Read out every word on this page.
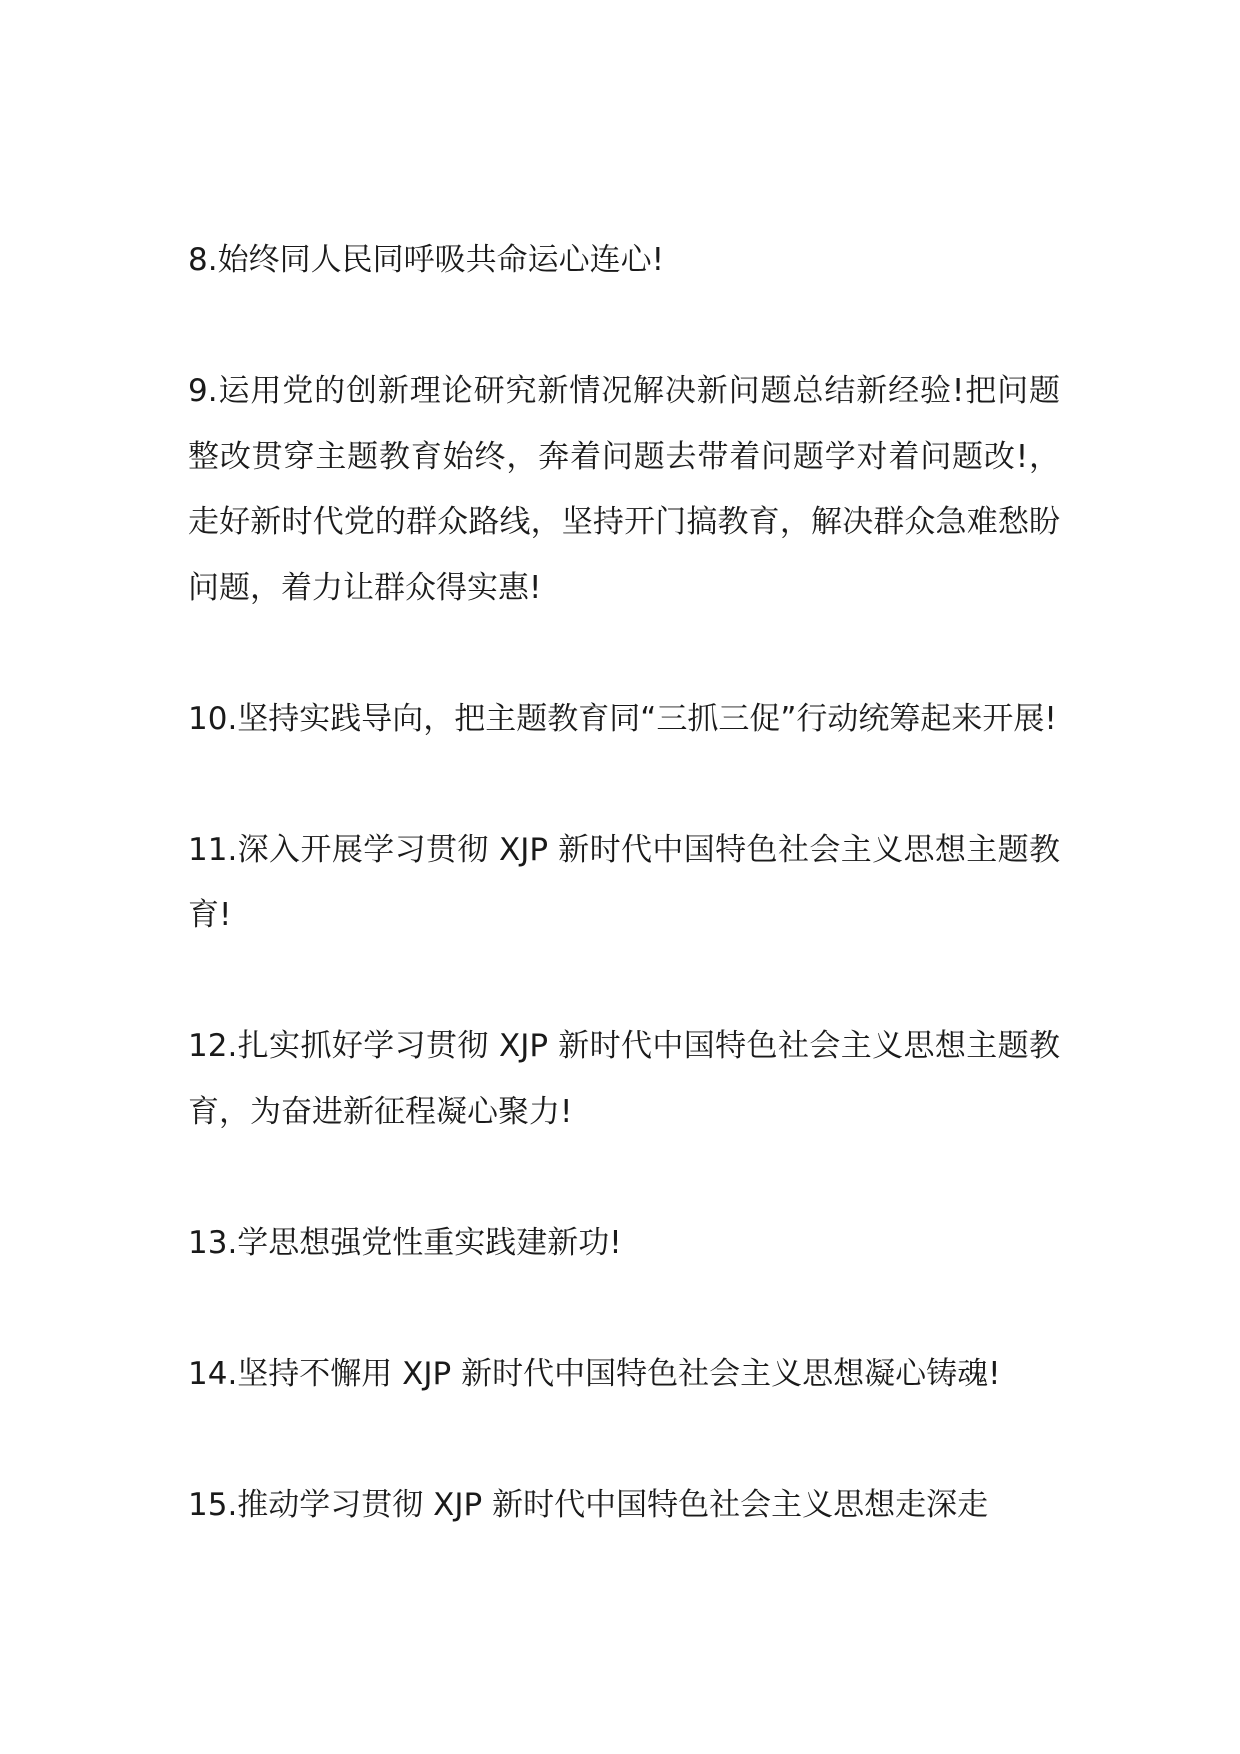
8.始终同人民同呼吸共命运心连心!

9.运用党的创新理论研究新情况解决新问题总结新经验!把问题整改贯穿主题教育始终，奔着问题去带着问题学对着问题改!，走好新时代党的群众路线，坚持开门搞教育，解决群众急难愁盼问题，着力让群众得实惠!

10.坚持实践导向，把主题教育同“三抓三促”行动统筹起来开展!

11.深入开展学习贯彻 XJP 新时代中国特色社会主义思想主题教育!

12.扎实抓好学习贯彻 XJP 新时代中国特色社会主义思想主题教育，为奋进新征程凝心聚力!

13.学思想强党性重实践建新功!

14.坚持不懈用 XJP 新时代中国特色社会主义思想凝心铸魂!

15.推动学习贯彻 XJP 新时代中国特色社会主义思想走深走
